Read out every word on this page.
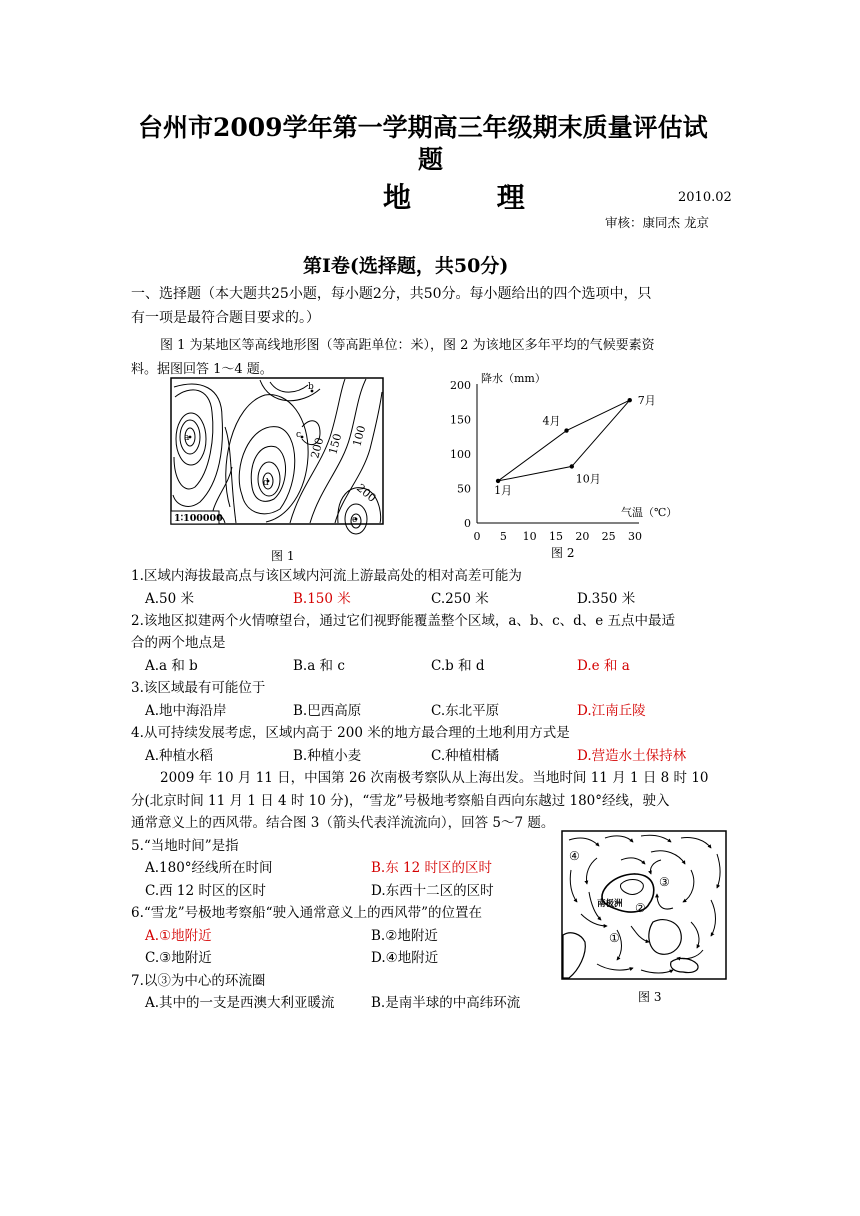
台州市2009学年第一学期高三年级期末质量评估试
题
地 理	2010.02
审核：康同杰 龙京
第Ⅰ卷(选择题，共50分)
一、选择题（本大题共25小题，每小题2分，共50分。每小题给出的四个选项中，只
有一项是最符合题目要求的。）
图 1 为某地区等高线地形图（等高距单位：米），图 2 为该地区多年平均的气候要素资
料。据图回答 1～4 题。
a
b
c
d
e
200 150 100
200
1∶100000
图 1
降水（mm）
气温（℃）
0
50
100
150
200
0 5 10 15 20 25 30
1月
4月
7月
10月
图 2
1.区域内海拔最高点与该区域内河流上游最高处的相对高差可能为
A.50 米	B.150 米	C.250 米	D.350 米
2.该地区拟建两个火情嘹望台，通过它们视野能覆盖整个区域，a、b、c、d、e 五点中最适
合的两个地点是
A.a 和 b	B.a 和 c	C.b 和 d	D.e 和 a
3.该区域最有可能位于
A.地中海沿岸	B.巴西高原	C.东北平原	D.江南丘陵
4.从可持续发展考虑，区域内高于 200 米的地方最合理的土地利用方式是
A.种植水稻	B.种植小麦	C.种植柑橘	D.营造水土保持林
2009 年 10 月 11 日，中国第 26 次南极考察队从上海出发。当地时间 11 月 1 日 8 时 10
分(北京时间 11 月 1 日 4 时 10 分)，“雪龙”号极地考察船自西向东越过 180°经线，驶入
通常意义上的西风带。结合图 3（箭头代表洋流流向），回答 5～7 题。
5.“当地时间”是指
A.180°经线所在时间	B.东 12 时区的区时
C.西 12 时区的区时	D.东西十二区的区时
6.“雪龙”号极地考察船“驶入通常意义上的西风带”的位置在
A.①地附近	B.②地附近
C.③地附近	D.④地附近
7.以③为中心的环流圈
A.其中的一支是西澳大利亚暖流	B.是南半球的中高纬环流
④
③
②
①
南极洲
图 3
